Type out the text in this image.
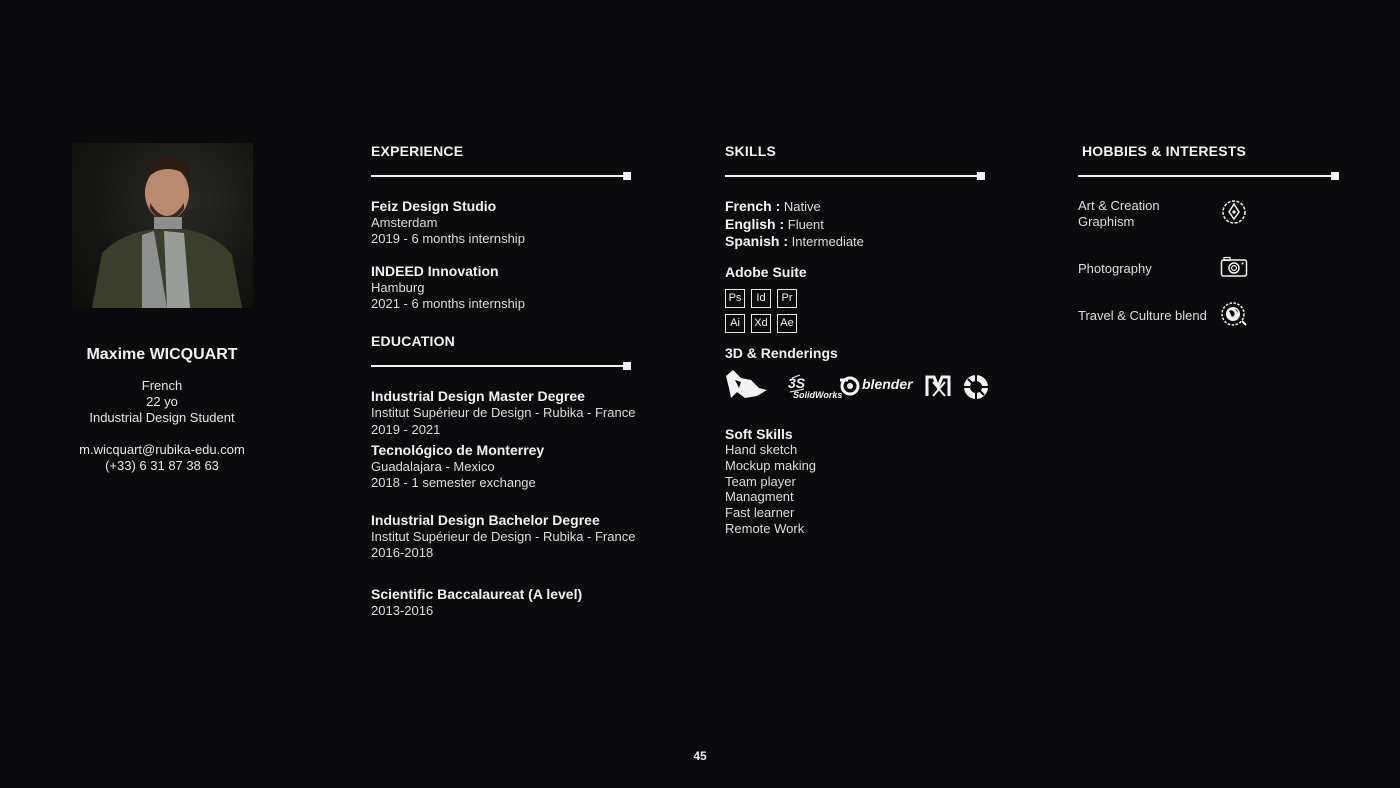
Maxime WICQUART
French
22 yo
Industrial Design Student
m.wicquart@rubika-edu.com
(+33) 6 31 87 38 63
EXPERIENCE
Feiz Design Studio
Amsterdam
2019 - 6 months internship
INDEED Innovation
Hamburg
2021 - 6 months internship
EDUCATION
Industrial Design Master Degree
Institut Supérieur de Design - Rubika - France
2019 - 2021
Tecnológico de Monterrey
Guadalajara - Mexico
2018 - 1 semester exchange
Industrial Design Bachelor Degree
Institut Supérieur de Design - Rubika - France
2016-2018
Scientific Baccalaureat (A level)
2013-2016
SKILLS
French : Native
English : Fluent
Spanish : Intermediate
Adobe Suite
Ps	Id	Pr
Ai	Xd Ae
3D & Renderings
3S
SolidWorks
blender
Soft Skills
Hand sketch
Mockup making
Team player
Managment
Fast learner
Remote Work
HOBBIES & INTERESTS
Art & Creation
Graphism
Photography
Travel & Culture blend
45
